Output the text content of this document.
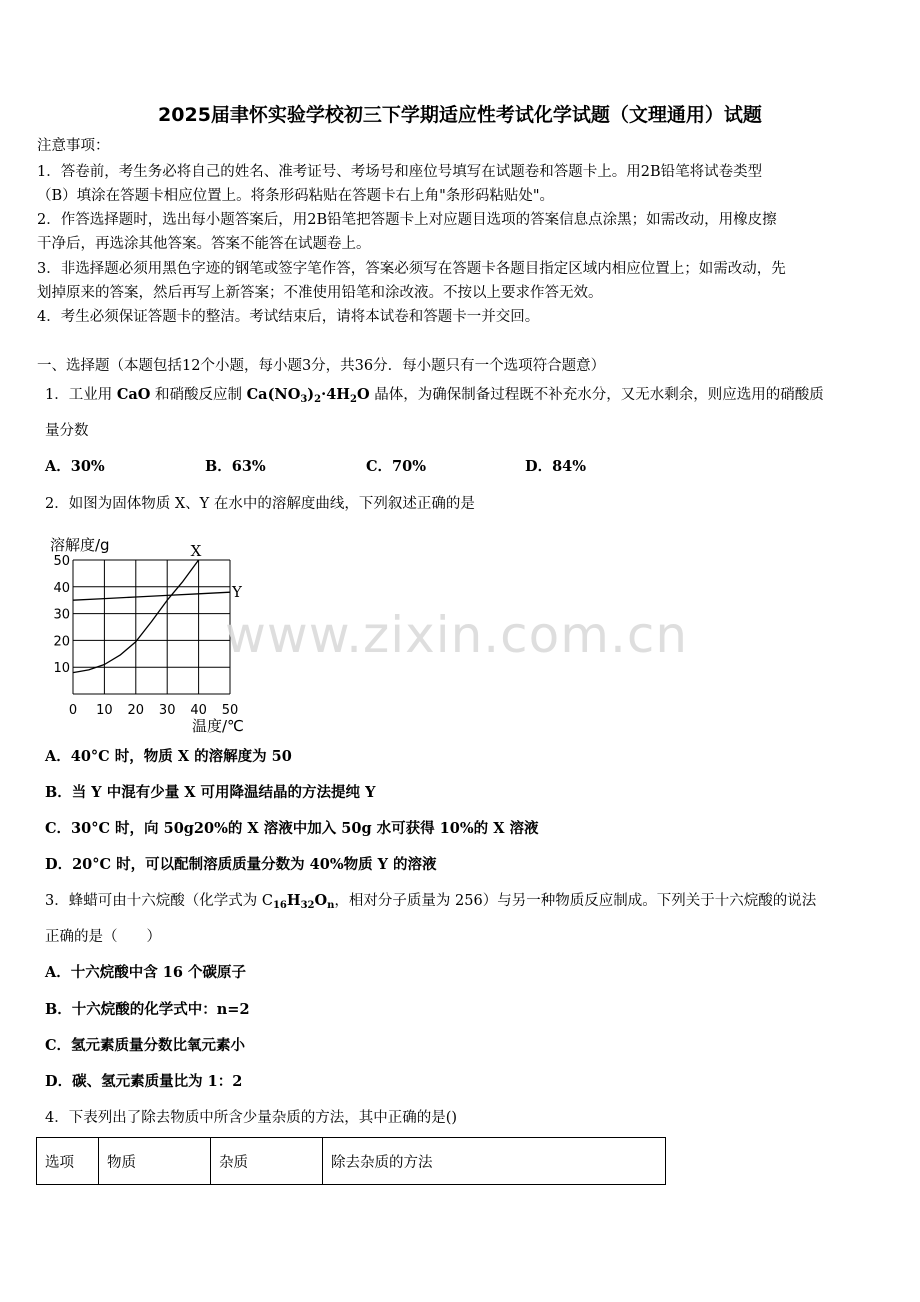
2025届聿怀实验学校初三下学期适应性考试化学试题（文理通用）试题
注意事项：
1．答卷前，考生务必将自己的姓名、准考证号、考场号和座位号填写在试题卷和答题卡上。用2B铅笔将试卷类型
（B）填涂在答题卡相应位置上。将条形码粘贴在答题卡右上角"条形码粘贴处"。
2．作答选择题时，选出每小题答案后，用2B铅笔把答题卡上对应题目选项的答案信息点涂黑；如需改动，用橡皮擦
干净后，再选涂其他答案。答案不能答在试题卷上。
3．非选择题必须用黑色字迹的钢笔或签字笔作答，答案必须写在答题卡各题目指定区域内相应位置上；如需改动，先
划掉原来的答案，然后再写上新答案；不准使用铅笔和涂改液。不按以上要求作答无效。
4．考生必须保证答题卡的整洁。考试结束后，请将本试卷和答题卡一并交回。
一、选择题（本题包括12个小题，每小题3分，共36分．每小题只有一个选项符合题意）
1．工业用 CaO 和硝酸反应制 $Ca(NO_3)_2\cdot 4H_2O$ 晶体，为确保制备过程既不补充水分，又无水剩余，则应选用的硝酸质
量分数
A．30%	B．63%	C．70%	D．84%
2．如图为固体物质 X、Y 在水中的溶解度曲线，下列叙述正确的是
0 10 20 30 40 50
10
20
30
40
50
X
Y
溶解度/g
温度/℃
www.zixin.com.cn
A．40°C 时，物质 X 的溶解度为 50
B．当 Y 中混有少量 X 可用降温结晶的方法提纯 Y
C．30°C 时，向 50g20%的 X 溶液中加入 50g 水可获得 10%的 X 溶液
D．20°C 时，可以配制溶质质量分数为 40%物质 Y 的溶液
3．蜂蜡可由十六烷酸（化学式为 $C_{16}H_{32}O_n$，相对分子质量为 256）与另一种物质反应制成。下列关于十六烷酸的说法
正确的是（　　）
A．十六烷酸中含 16 个碳原子
B．十六烷酸的化学式中：n=2
C．氢元素质量分数比氧元素小
D．碳、氢元素质量比为 1：2
4．下表列出了除去物质中所含少量杂质的方法，其中正确的是()
选项	物质	杂质	除去杂质的方法
